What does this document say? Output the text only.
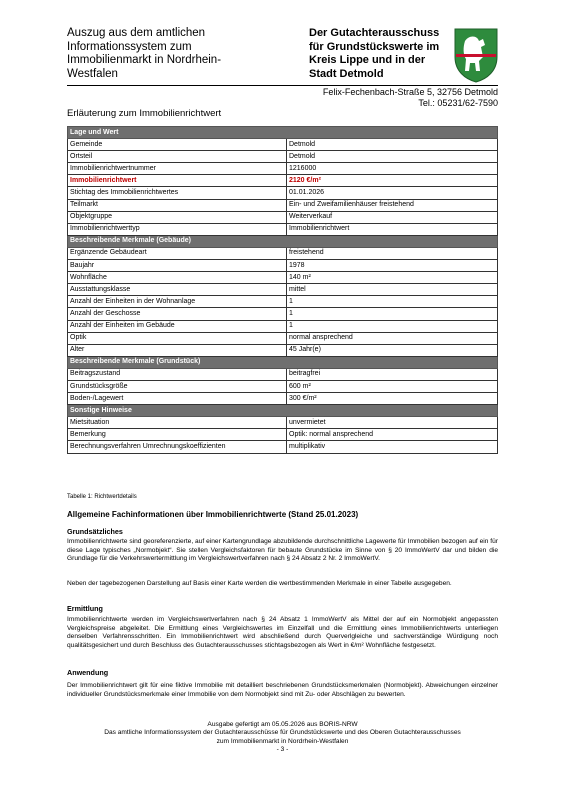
Auszug aus dem amtlichen
Informationssystem zum
Immobilienmarkt in Nordrhein-
Westfalen
Der Gutachterausschuss
für Grundstückswerte im
Kreis Lippe und in der
Stadt Detmold
Felix-Fechenbach-Straße 5, 32756 Detmold
Tel.: 05231/62-7590
Erläuterung zum Immobilienrichtwert
Lage und Wert	
Gemeinde	Detmold
Ortsteil	Detmold
Immobilienrichtwertnummer	1216000
Immobilienrichtwert	2120 €/m²
Stichtag des Immobilienrichtwertes	01.01.2026
Teilmarkt	Ein- und Zweifamilienhäuser freistehend
Objektgruppe	Weiterverkauf
Immobilienrichtwerttyp	Immobilienrichtwert
Beschreibende Merkmale (Gebäude)	
Ergänzende Gebäudeart	freistehend
Baujahr	1978
Wohnfläche	140 m²
Ausstattungsklasse	mittel
Anzahl der Einheiten in der Wohnanlage	1
Anzahl der Geschosse	1
Anzahl der Einheiten im Gebäude	1
Optik	normal ansprechend
Alter	45 Jahr(e)
Beschreibende Merkmale (Grundstück)	
Beitragszustand	beitragfrei
Grundstücksgröße	600 m²
Boden-/Lagewert	300 €/m²
Sonstige Hinweise	
Mietsituation	unvermietet
Bemerkung	Optik: normal ansprechend
Berechnungsverfahren Umrechnungskoeffizienten	multiplikativ
Tabelle 1: Richtwertdetails
Allgemeine Fachinformationen über Immobilienrichtwerte (Stand 25.01.2023)
Grundsätzliches
Immobilienrichtwerte sind georeferenzierte, auf einer Kartengrundlage abzubildende durchschnittliche Lagewerte für Immobilien bezogen auf ein für diese Lage typisches „Normobjekt“. Sie stellen Vergleichsfaktoren für bebaute Grundstücke im Sinne von § 20 ImmoWertV dar und bilden die Grundlage für die Verkehrswertermittlung im Vergleichswertverfahren nach § 24 Absatz 2 Nr. 2 ImmoWertV.
Neben der tagebezogenen Darstellung auf Basis einer Karte werden die wertbestimmenden Merkmale in einer Tabelle ausgegeben.
Ermittlung
Immobilienrichtwerte werden im Vergleichswertverfahren nach § 24 Absatz 1 ImmoWertV als Mittel der auf ein Normobjekt angepassten Vergleichspreise abgeleitet. Die Ermittlung eines Vergleichswertes im Einzelfall und die Ermittlung eines Immobilienrichtwerts unterliegen denselben Verfahrensschritten. Ein Immobilienrichtwert wird abschließend durch Querverlgleiche und sachverständige Würdigung noch qualitätsgesichert und durch Beschluss des Gutachterausschusses stichtagsbezogen als Wert in €/m² Wohnfläche festgesetzt.
Anwendung
Der Immobilienrichtwert gilt für eine fiktive Immobilie mit detailliert beschriebenen Grundstücksmerkmalen (Normobjekt). Abweichungen einzelner individueller Grundstücksmerkmale einer Immobilie von dem Normobjekt sind mit Zu- oder Abschlägen zu bewerten.
Ausgabe gefertigt am 05.05.2026 aus BORIS-NRW
Das amtliche Informationssystem der Gutachterausschüsse für Grundstückswerte und des Oberen Gutachterausschusses
zum Immobilienmarkt in Nordrhein-Westfalen
- 3 -
